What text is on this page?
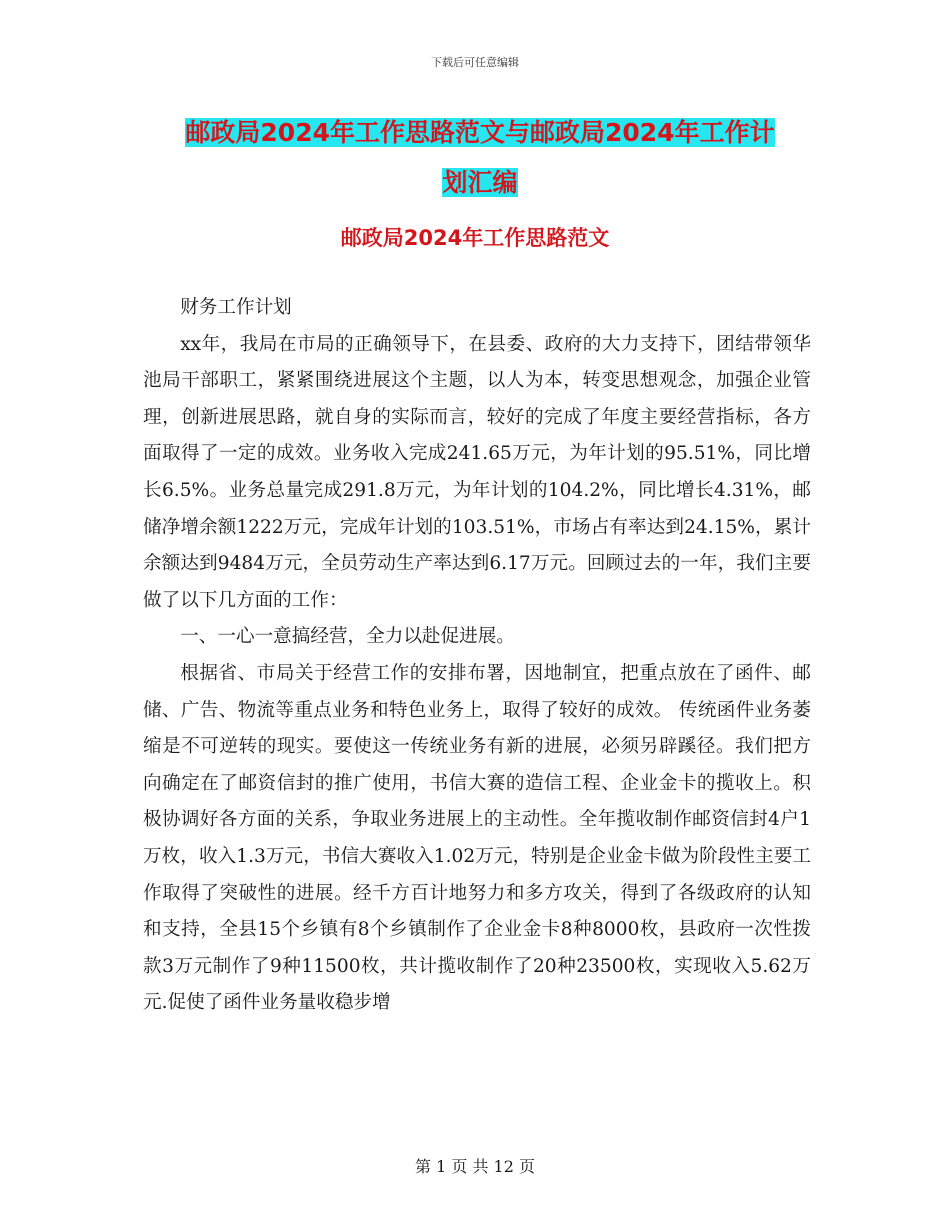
下载后可任意编辑
邮政局2024年工作思路范文与邮政局2024年工作计
划汇编
邮政局2024年工作思路范文

财务工作计划

xx年，我局在市局的正确领导下，在县委、政府的大力支持下，团结带领华池局干部职工，紧紧围绕进展这个主题，以人为本，转变思想观念，加强企业管理，创新进展思路，就自身的实际而言，较好的完成了年度主要经营指标，各方面取得了一定的成效。业务收入完成241.65万元，为年计划的95.51%，同比增长6.5%。业务总量完成291.8万元，为年计划的104.2%，同比增长4.31%，邮储净增余额1222万元，完成年计划的103.51%，市场占有率达到24.15%，累计余额达到9484万元，全员劳动生产率达到6.17万元。回顾过去的一年，我们主要做了以下几方面的工作：

一、一心一意搞经营，全力以赴促进展。

根据省、市局关于经营工作的安排布署，因地制宜，把重点放在了函件、邮储、广告、物流等重点业务和特色业务上，取得了较好的成效。 传统函件业务萎缩是不可逆转的现实。要使这一传统业务有新的进展，必须另辟蹊径。我们把方向确定在了邮资信封的推广使用，书信大赛的造信工程、企业金卡的揽收上。积极协调好各方面的关系，争取业务进展上的主动性。全年揽收制作邮资信封4户1万枚，收入1.3万元，书信大赛收入1.02万元，特别是企业金卡做为阶段性主要工作取得了突破性的进展。经千方百计地努力和多方攻关，得到了各级政府的认知和支持，全县15个乡镇有8个乡镇制作了企业金卡8种8000枚，县政府一次性拨款3万元制作了9种11500枚，共计揽收制作了20种23500枚，实现收入5.62万元.促使了函件业务量收稳步增

第 1 页 共 12 页
